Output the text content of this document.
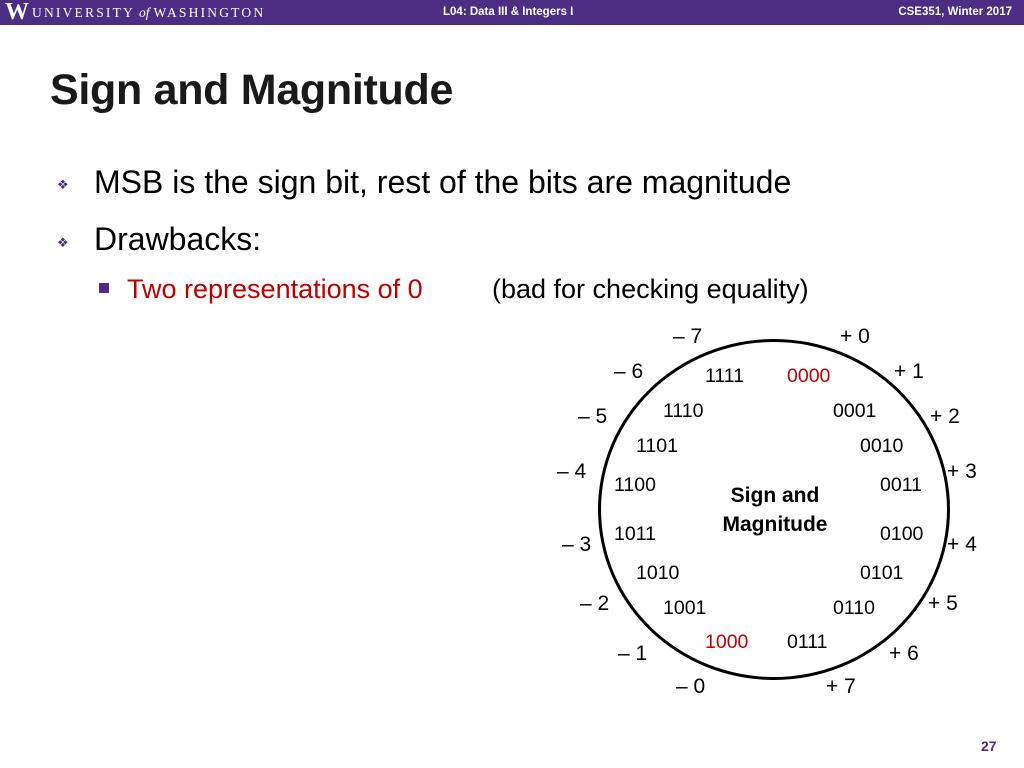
W UNIVERSITY of WASHINGTON	L04: Data III & Integers I	CSE351, Winter 2017
Sign and Magnitude
❖ MSB is the sign bit, rest of the bits are magnitude
❖ Drawbacks:
Two representations of 0	(bad for checking equality)
+ 0
+ 1
+ 2
+ 3
+ 4
+ 5
+ 6
+ 7
– 0
– 1
– 2
– 3
– 4
– 5
– 6
– 7
0000
0001
0010
0011
0100
0101
0110
0111
1000
1001
1010
1011
1100
1101
1110
1111
Sign and
Magnitude
27
